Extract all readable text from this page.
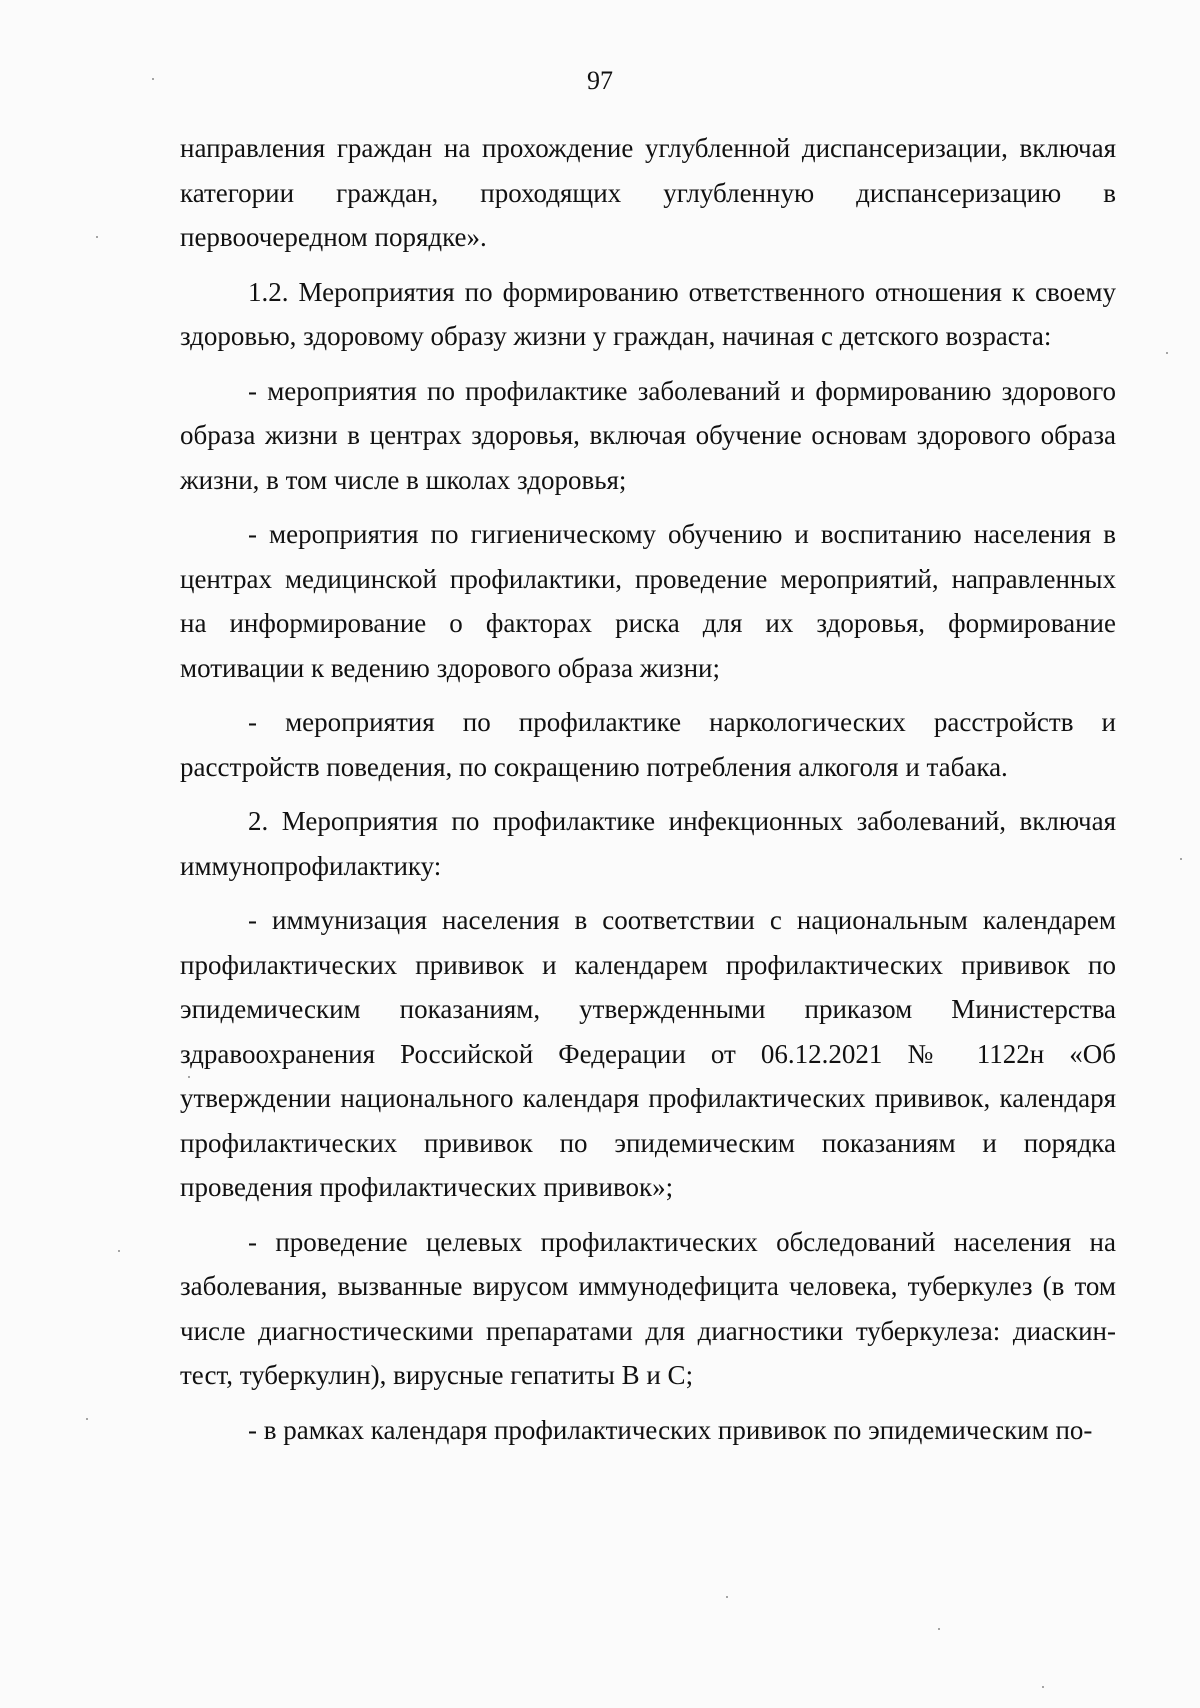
97

направления граждан на прохождение углубленной диспансеризации, включая категории граждан, проходящих углубленную диспансеризацию в первоочередном порядке».

1.2. Мероприятия по формированию ответственного отношения к своему здоровью, здоровому образу жизни у граждан, начиная с детского возраста:

- мероприятия по профилактике заболеваний и формированию здорового образа жизни в центрах здоровья, включая обучение основам здорового образа жизни, в том числе в школах здоровья;

- мероприятия по гигиеническому обучению и воспитанию населения в центрах медицинской профилактики, проведение мероприятий, направленных на информирование о факторах риска для их здоровья, формирование мотивации к ведению здорового образа жизни;

- мероприятия по профилактике наркологических расстройств и расстройств поведения, по сокращению потребления алкоголя и табака.

2. Мероприятия по профилактике инфекционных заболеваний, включая иммунопрофилактику:

- иммунизация населения в соответствии с национальным календарем профилактических прививок и календарем профилактических прививок по эпидемическим показаниям, утвержденными приказом Министерства здравоохранения Российской Федерации от 06.12.2021 № 1122н «Об утверждении национального календаря профилактических прививок, календаря профилактических прививок по эпидемическим показаниям и порядка проведения профилактических прививок»;

- проведение целевых профилактических обследований населения на заболевания, вызванные вирусом иммунодефицита человека, туберкулез (в том числе диагностическими препаратами для диагностики туберкулеза: диаскин-тест, туберкулин), вирусные гепатиты В и С;

- в рамках календаря профилактических прививок по эпидемическим по-
